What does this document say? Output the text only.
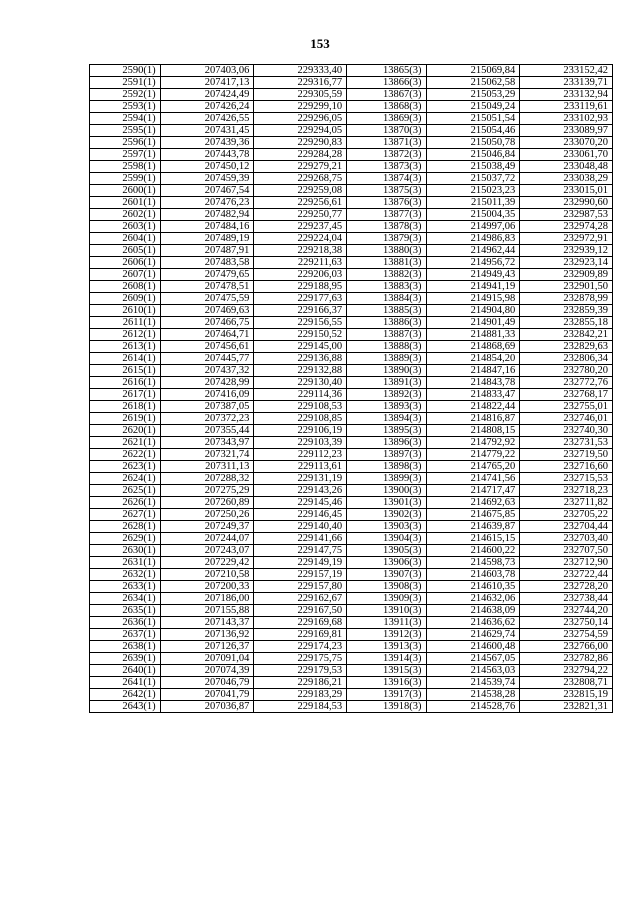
153
2590(1)	207403,06	229333,40	13865(3)	215069,84	233152,42
2591(1)	207417,13	229316,77	13866(3)	215062,58	233139,71
2592(1)	207424,49	229305,59	13867(3)	215053,29	233132,94
2593(1)	207426,24	229299,10	13868(3)	215049,24	233119,61
2594(1)	207426,55	229296,05	13869(3)	215051,54	233102,93
2595(1)	207431,45	229294,05	13870(3)	215054,46	233089,97
2596(1)	207439,36	229290,83	13871(3)	215050,78	233070,20
2597(1)	207443,78	229284,28	13872(3)	215046,84	233061,70
2598(1)	207450,12	229279,21	13873(3)	215038,49	233048,48
2599(1)	207459,39	229268,75	13874(3)	215037,72	233038,29
2600(1)	207467,54	229259,08	13875(3)	215023,23	233015,01
2601(1)	207476,23	229256,61	13876(3)	215011,39	232990,60
2602(1)	207482,94	229250,77	13877(3)	215004,35	232987,53
2603(1)	207484,16	229237,45	13878(3)	214997,06	232974,28
2604(1)	207489,19	229224,04	13879(3)	214986,83	232972,91
2605(1)	207487,91	229218,38	13880(3)	214962,44	232939,12
2606(1)	207483,58	229211,63	13881(3)	214956,72	232923,14
2607(1)	207479,65	229206,03	13882(3)	214949,43	232909,89
2608(1)	207478,51	229188,95	13883(3)	214941,19	232901,50
2609(1)	207475,59	229177,63	13884(3)	214915,98	232878,99
2610(1)	207469,63	229166,37	13885(3)	214904,80	232859,39
2611(1)	207466,75	229156,55	13886(3)	214901,49	232855,18
2612(1)	207464,71	229150,52	13887(3)	214881,33	232842,21
2613(1)	207456,61	229145,00	13888(3)	214868,69	232829,63
2614(1)	207445,77	229136,88	13889(3)	214854,20	232806,34
2615(1)	207437,32	229132,88	13890(3)	214847,16	232780,20
2616(1)	207428,99	229130,40	13891(3)	214843,78	232772,76
2617(1)	207416,09	229114,36	13892(3)	214833,47	232768,17
2618(1)	207387,05	229108,53	13893(3)	214822,44	232755,01
2619(1)	207372,23	229108,85	13894(3)	214816,87	232746,01
2620(1)	207355,44	229106,19	13895(3)	214808,15	232740,30
2621(1)	207343,97	229103,39	13896(3)	214792,92	232731,53
2622(1)	207321,74	229112,23	13897(3)	214779,22	232719,50
2623(1)	207311,13	229113,61	13898(3)	214765,20	232716,60
2624(1)	207288,32	229131,19	13899(3)	214741,56	232715,53
2625(1)	207275,29	229143,26	13900(3)	214717,47	232718,23
2626(1)	207260,89	229145,46	13901(3)	214692,63	232711,82
2627(1)	207250,26	229146,45	13902(3)	214675,85	232705,22
2628(1)	207249,37	229140,40	13903(3)	214639,87	232704,44
2629(1)	207244,07	229141,66	13904(3)	214615,15	232703,40
2630(1)	207243,07	229147,75	13905(3)	214600,22	232707,50
2631(1)	207229,42	229149,19	13906(3)	214598,73	232712,90
2632(1)	207210,58	229157,19	13907(3)	214603,78	232722,44
2633(1)	207200,33	229157,80	13908(3)	214610,35	232728,20
2634(1)	207186,00	229162,67	13909(3)	214632,06	232738,44
2635(1)	207155,88	229167,50	13910(3)	214638,09	232744,20
2636(1)	207143,37	229169,68	13911(3)	214636,62	232750,14
2637(1)	207136,92	229169,81	13912(3)	214629,74	232754,59
2638(1)	207126,37	229174,23	13913(3)	214600,48	232766,00
2639(1)	207091,04	229175,75	13914(3)	214567,05	232782,86
2640(1)	207074,39	229179,53	13915(3)	214563,03	232794,22
2641(1)	207046,79	229186,21	13916(3)	214539,74	232808,71
2642(1)	207041,79	229183,29	13917(3)	214538,28	232815,19
2643(1)	207036,87	229184,53	13918(3)	214528,76	232821,31
